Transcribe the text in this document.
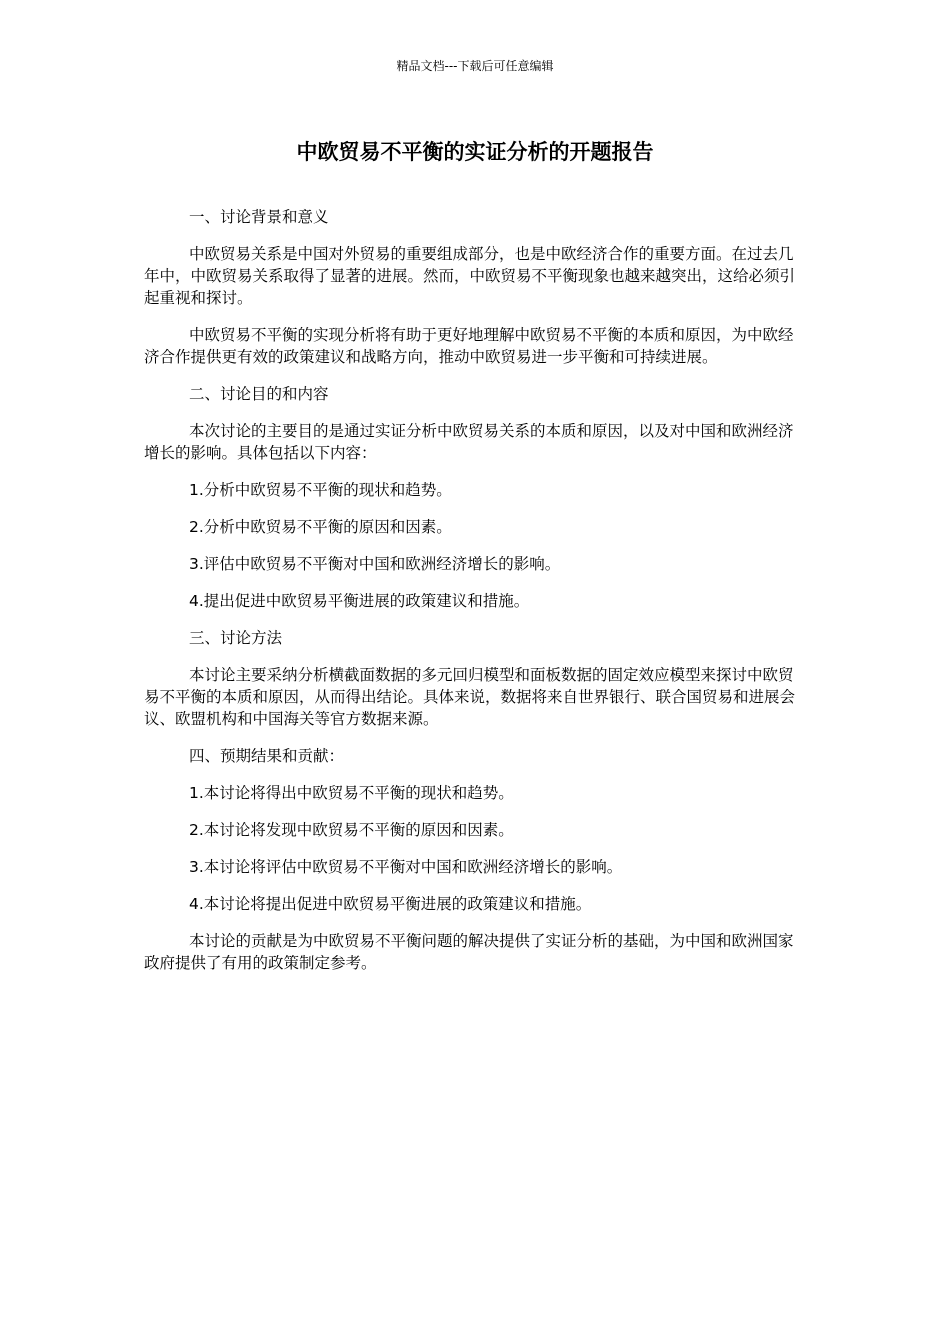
精品文档---下载后可任意编辑
中欧贸易不平衡的实证分析的开题报告

一、讨论背景和意义

中欧贸易关系是中国对外贸易的重要组成部分，也是中欧经济合作的重要方面。在过去几年中，中欧贸易关系取得了显著的进展。然而，中欧贸易不平衡现象也越来越突出，这给必须引起重视和探讨。

中欧贸易不平衡的实现分析将有助于更好地理解中欧贸易不平衡的本质和原因，为中欧经济合作提供更有效的政策建议和战略方向，推动中欧贸易进一步平衡和可持续进展。

二、讨论目的和内容

本次讨论的主要目的是通过实证分析中欧贸易关系的本质和原因，以及对中国和欧洲经济增长的影响。具体包括以下内容：

1.分析中欧贸易不平衡的现状和趋势。

2.分析中欧贸易不平衡的原因和因素。

3.评估中欧贸易不平衡对中国和欧洲经济增长的影响。

4.提出促进中欧贸易平衡进展的政策建议和措施。

三、讨论方法

本讨论主要采纳分析横截面数据的多元回归模型和面板数据的固定效应模型来探讨中欧贸易不平衡的本质和原因，从而得出结论。具体来说，数据将来自世界银行、联合国贸易和进展会议、欧盟机构和中国海关等官方数据来源。

四、预期结果和贡献：

1.本讨论将得出中欧贸易不平衡的现状和趋势。

2.本讨论将发现中欧贸易不平衡的原因和因素。

3.本讨论将评估中欧贸易不平衡对中国和欧洲经济增长的影响。

4.本讨论将提出促进中欧贸易平衡进展的政策建议和措施。

本讨论的贡献是为中欧贸易不平衡问题的解决提供了实证分析的基础，为中国和欧洲国家政府提供了有用的政策制定参考。
